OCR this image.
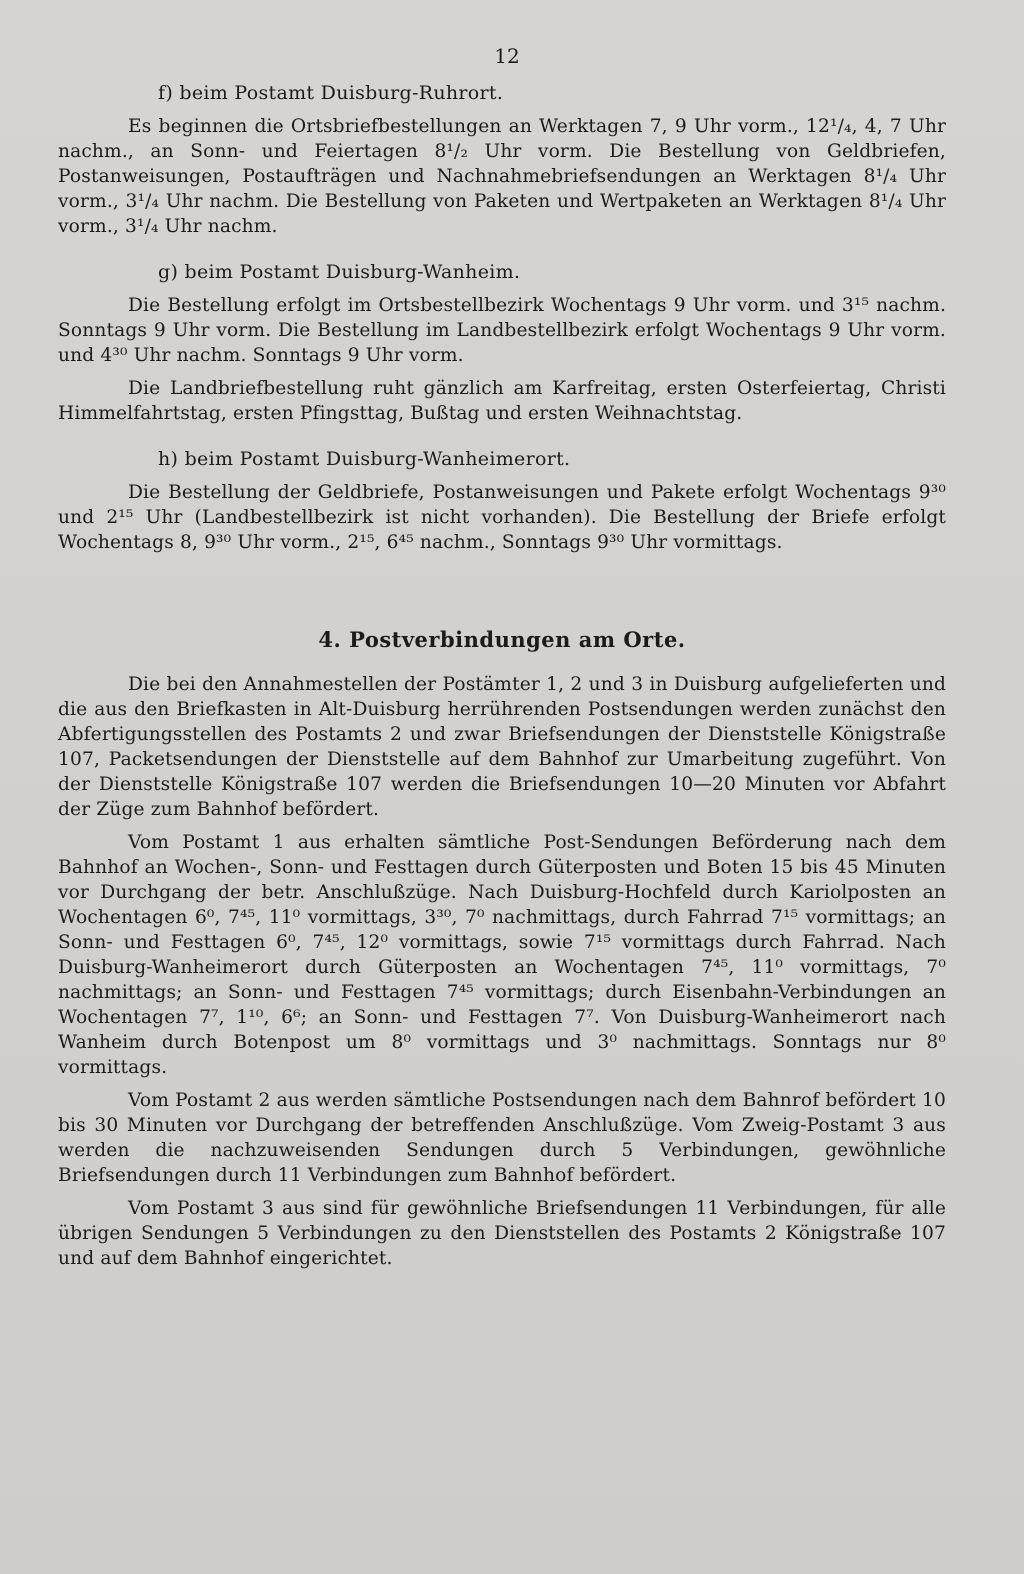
12
f) beim Postamt Duisburg-Ruhrort.

Es beginnen die Ortsbriefbestellungen an Werktagen 7, 9 Uhr vorm., 12¹/₄, 4, 7 Uhr nachm., an Sonn- und Feiertagen 8¹/₂ Uhr vorm. Die Bestellung von Geldbriefen, Postanweisungen, Postaufträgen und Nachnahmebriefsendungen an Werktagen 8¹/₄ Uhr vorm., 3¹/₄ Uhr nachm. Die Bestellung von Paketen und Wertpaketen an Werktagen 8¹/₄ Uhr vorm., 3¹/₄ Uhr nachm.

g) beim Postamt Duisburg-Wanheim.

Die Bestellung erfolgt im Ortsbestellbezirk Wochentags 9 Uhr vorm. und 3¹⁵ nachm. Sonntags 9 Uhr vorm. Die Bestellung im Landbestellbezirk erfolgt Wochentags 9 Uhr vorm. und 4³⁰ Uhr nachm. Sonntags 9 Uhr vorm.

Die Landbriefbestellung ruht gänzlich am Karfreitag, ersten Osterfeiertag, Christi Himmelfahrtstag, ersten Pfingsttag, Bußtag und ersten Weihnachtstag.

h) beim Postamt Duisburg-Wanheimerort.

Die Bestellung der Geldbriefe, Postanweisungen und Pakete erfolgt Wochentags 9³⁰ und 2¹⁵ Uhr (Landbestellbezirk ist nicht vorhanden). Die Bestellung der Briefe erfolgt Wochentags 8, 9³⁰ Uhr vorm., 2¹⁵, 6⁴⁵ nachm., Sonntags 9³⁰ Uhr vormittags.

4. Postverbindungen am Orte.

Die bei den Annahmestellen der Postämter 1, 2 und 3 in Duisburg aufgelieferten und die aus den Briefkasten in Alt-Duisburg herrührenden Postsendungen werden zunächst den Abfertigungsstellen des Postamts 2 und zwar Briefsendungen der Dienststelle Königstraße 107, Packetsendungen der Dienststelle auf dem Bahnhof zur Umarbeitung zugeführt. Von der Dienststelle Königstraße 107 werden die Briefsendungen 10—20 Minuten vor Abfahrt der Züge zum Bahnhof befördert.

Vom Postamt 1 aus erhalten sämtliche Post-Sendungen Beförderung nach dem Bahnhof an Wochen-, Sonn- und Festtagen durch Güterposten und Boten 15 bis 45 Minuten vor Durchgang der betr. Anschlußzüge. Nach Duisburg-Hochfeld durch Kariolposten an Wochentagen 6⁰, 7⁴⁵, 11⁰ vormittags, 3³⁰, 7⁰ nachmittags, durch Fahrrad 7¹⁵ vormittags; an Sonn- und Festtagen 6⁰, 7⁴⁵, 12⁰ vormittags, sowie 7¹⁵ vormittags durch Fahrrad. Nach Duisburg-Wanheimerort durch Güterposten an Wochentagen 7⁴⁵, 11⁰ vormittags, 7⁰ nachmittags; an Sonn- und Festtagen 7⁴⁵ vormittags; durch Eisenbahn-Verbindungen an Wochentagen 7⁷, 1¹⁰, 6⁶; an Sonn- und Festtagen 7⁷. Von Duisburg-Wanheimerort nach Wanheim durch Botenpost um 8⁰ vormittags und 3⁰ nachmittags. Sonntags nur 8⁰ vormittags.

Vom Postamt 2 aus werden sämtliche Postsendungen nach dem Bahnrof befördert 10 bis 30 Minuten vor Durchgang der betreffenden Anschlußzüge. Vom Zweig-Postamt 3 aus werden die nachzuweisenden Sendungen durch 5 Verbindungen, gewöhnliche Briefsendungen durch 11 Verbindungen zum Bahnhof befördert.

Vom Postamt 3 aus sind für gewöhnliche Briefsendungen 11 Verbindungen, für alle übrigen Sendungen 5 Verbindungen zu den Dienststellen des Postamts 2 Königstraße 107 und auf dem Bahnhof eingerichtet.
